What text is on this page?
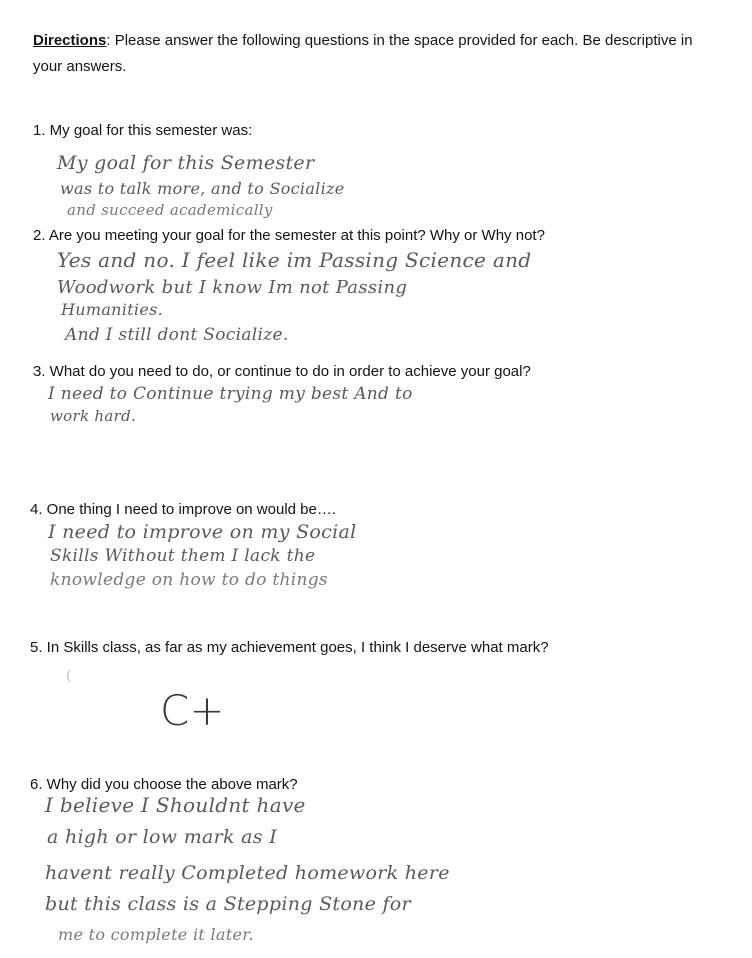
Directions: Please answer the following questions in the space provided for each. Be descriptive in your answers.
1. My goal for this semester was:
My goal for this Semester
was to talk more, and to Socialize
and succeed academically
2. Are you meeting your goal for the semester at this point? Why or Why not?
Yes and no. I feel like im Passing Science and
Woodwork but I know Im not Passing
Humanities.
And I still dont Socialize.
3. What do you need to do, or continue to do in order to achieve your goal?
I need to Continue trying my best And to
work hard.
4. One thing I need to improve on would be….
I need to improve on my Social
Skills Without them I lack the
knowledge on how to do things
5. In Skills class, as far as my achievement goes, I think I deserve what mark?
(
C+
6. Why did you choose the above mark?
I believe I Shouldnt have
a high or low mark as I
havent really Completed homework here
but this class is a Stepping Stone for
me to complete it later.
